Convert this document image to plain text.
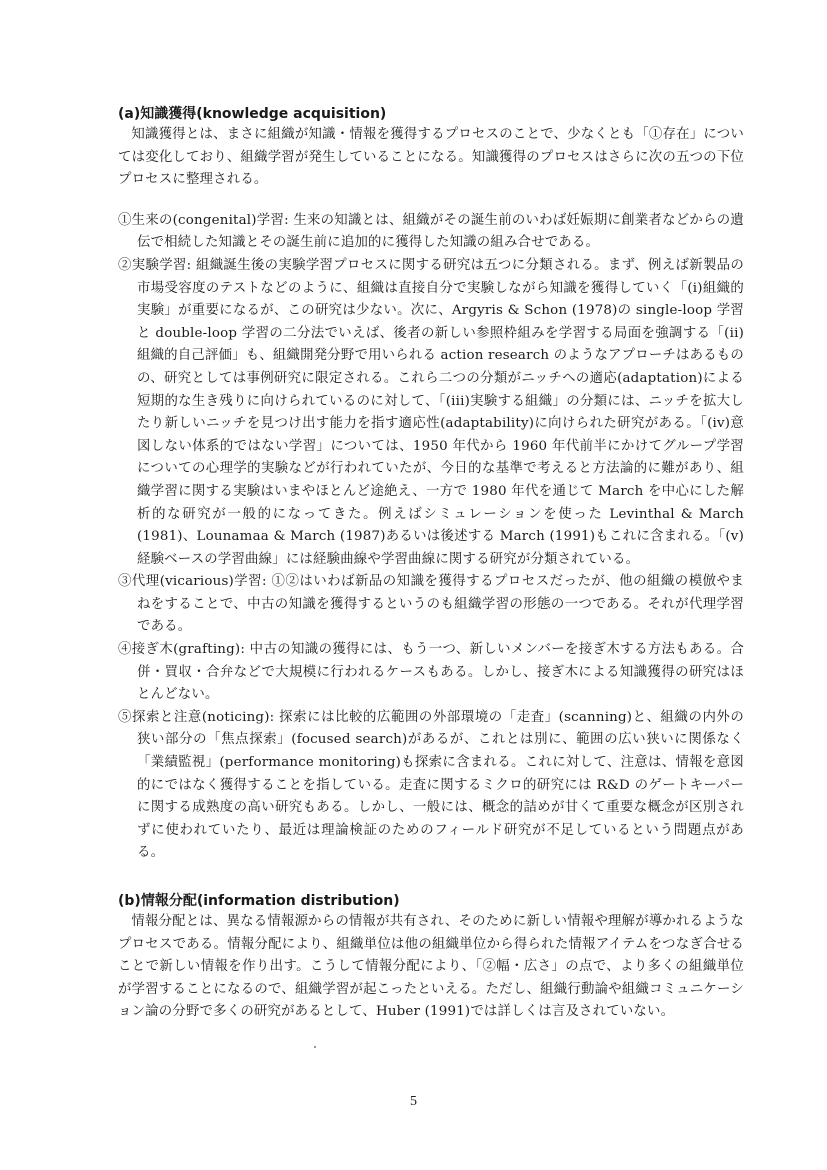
(a)知識獲得(knowledge acquisition)

知識獲得とは、まさに組織が知識・情報を獲得するプロセスのことで、少なくとも「①存在」については変化しており、組織学習が発生していることになる。知識獲得のプロセスはさらに次の五つの下位プロセスに整理される。

①生来の(congenital)学習: 生来の知識とは、組織がその誕生前のいわば妊娠期に創業者などからの遺伝で相続した知識とその誕生前に追加的に獲得した知識の組み合せである。

②実験学習: 組織誕生後の実験学習プロセスに関する研究は五つに分類される。まず、例えば新製品の市場受容度のテストなどのように、組織は直接自分で実験しながら知識を獲得していく「(i)組織的実験」が重要になるが、この研究は少ない。次に、Argyris & Schon (1978)の single-loop 学習と double-loop 学習の二分法でいえば、後者の新しい参照枠組みを学習する局面を強調する「(ii)組織的自己評価」も、組織開発分野で用いられる action research のようなアプローチはあるものの、研究としては事例研究に限定される。これら二つの分類がニッチへの適応(adaptation)による短期的な生き残りに向けられているのに対して、「(iii)実験する組織」の分類には、ニッチを拡大したり新しいニッチを見つけ出す能力を指す適応性(adaptability)に向けられた研究がある。「(iv)意図しない体系的ではない学習」については、1950 年代から 1960 年代前半にかけてグループ学習についての心理学的実験などが行われていたが、今日的な基準で考えると方法論的に難があり、組織学習に関する実験はいまやほとんど途絶え、一方で 1980 年代を通じて March を中心にした解析的な研究が一般的になってきた。例えばシミュレーションを使った Levinthal & March (1981)、Lounamaa & March (1987)あるいは後述する March (1991)もこれに含まれる。「(v)経験ベースの学習曲線」には経験曲線や学習曲線に関する研究が分類されている。

③代理(vicarious)学習: ①②はいわば新品の知識を獲得するプロセスだったが、他の組織の模倣やまねをすることで、中古の知識を獲得するというのも組織学習の形態の一つである。それが代理学習である。

④接ぎ木(grafting): 中古の知識の獲得には、もう一つ、新しいメンバーを接ぎ木する方法もある。合併・買収・合弁などで大規模に行われるケースもある。しかし、接ぎ木による知識獲得の研究はほとんどない。

⑤探索と注意(noticing): 探索には比較的広範囲の外部環境の「走査」(scanning)と、組織の内外の狭い部分の「焦点探索」(focused search)があるが、これとは別に、範囲の広い狭いに関係なく「業績監視」(performance monitoring)も探索に含まれる。これに対して、注意は、情報を意図的にではなく獲得することを指している。走査に関するミクロ的研究には R&D のゲートキーパーに関する成熟度の高い研究もある。しかし、一般には、概念的詰めが甘くて重要な概念が区別されずに使われていたり、最近は理論検証のためのフィールド研究が不足しているという問題点がある。

(b)情報分配(information distribution)

情報分配とは、異なる情報源からの情報が共有され、そのために新しい情報や理解が導かれるようなプロセスである。情報分配により、組織単位は他の組織単位から得られた情報アイテムをつなぎ合せることで新しい情報を作り出す。こうして情報分配により、「②幅・広さ」の点で、より多くの組織単位が学習することになるので、組織学習が起こったといえる。ただし、組織行動論や組織コミュニケーション論の分野で多くの研究があるとして、Huber (1991)では詳しくは言及されていない。

5
